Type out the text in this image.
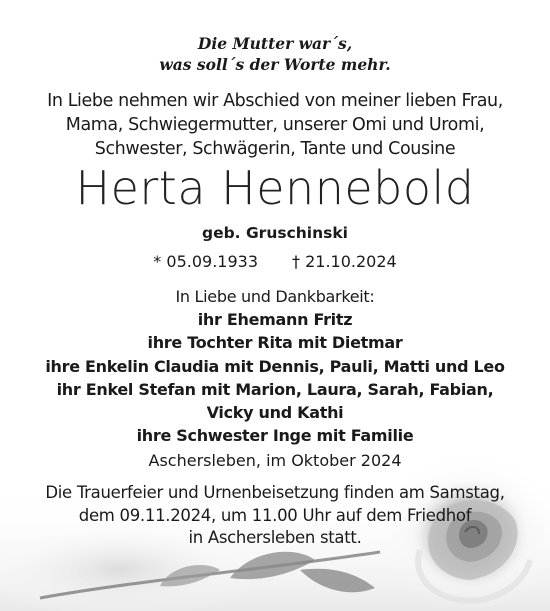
Die Mutter war´s,
was soll´s der Worte mehr.
In Liebe nehmen wir Abschied von meiner lieben Frau,
Mama, Schwiegermutter, unserer Omi und Uromi,
Schwester, Schwägerin, Tante und Cousine
Herta Hennebold
geb. Gruschinski
* 05.09.1933 † 21.10.2024
In Liebe und Dankbarkeit:
ihr Ehemann Fritz
ihre Tochter Rita mit Dietmar
ihre Enkelin Claudia mit Dennis, Pauli, Matti und Leo
ihr Enkel Stefan mit Marion, Laura, Sarah, Fabian,
Vicky und Kathi
ihre Schwester Inge mit Familie
Aschersleben, im Oktober 2024
Die Trauerfeier und Urnenbeisetzung finden am Samstag,
dem 09.11.2024, um 11.00 Uhr auf dem Friedhof
in Aschersleben statt.
